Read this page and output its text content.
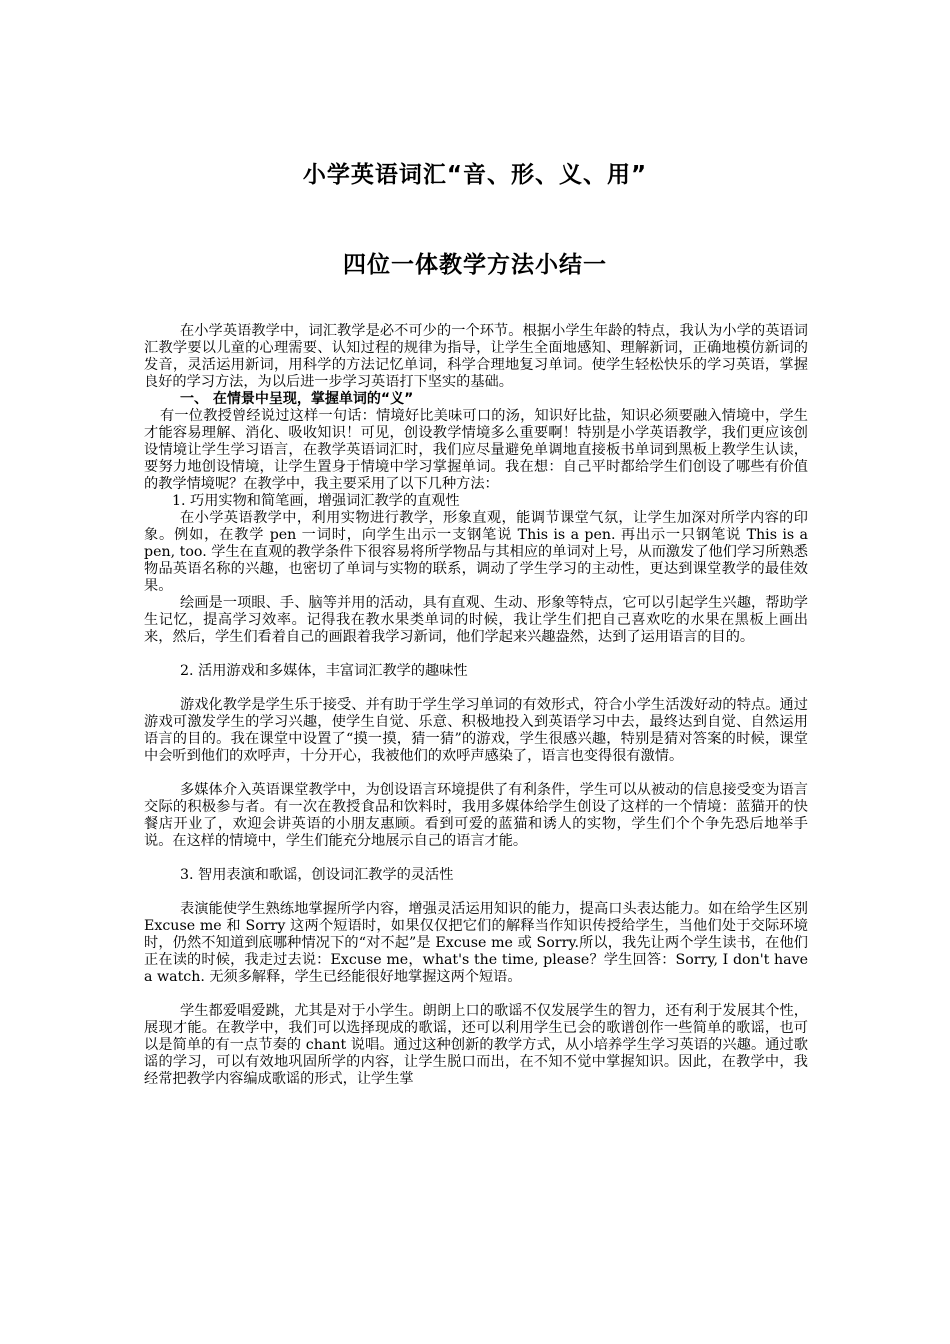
小学英语词汇“音、形、义、用”
四位一体教学方法小结一

在小学英语教学中，词汇教学是必不可少的一个环节。根据小学生年龄的特点，我认为小学的英语词汇教学要以儿童的心理需要、认知过程的规律为指导，让学生全面地感知、理解新词，正确地模仿新词的发音，灵活运用新词，用科学的方法记忆单词，科学合理地复习单词。使学生轻松快乐的学习英语，掌握良好的学习方法，为以后进一步学习英语打下坚实的基础。

一、 在情景中呈现，掌握单词的“义”

有一位教授曾经说过这样一句话：情境好比美味可口的汤，知识好比盐，知识必须要融入情境中，学生才能容易理解、消化、吸收知识！可见，创设教学情境多么重要啊！特别是小学英语教学，我们更应该创设情境让学生学习语言，在教学英语词汇时，我们应尽量避免单调地直接板书单词到黑板上教学生认读，要努力地创设情境，让学生置身于情境中学习掌握单词。我在想：自己平时都给学生们创设了哪些有价值的教学情境呢？在教学中，我主要采用了以下几种方法：

1. 巧用实物和简笔画，增强词汇教学的直观性

在小学英语教学中，利用实物进行教学，形象直观，能调节课堂气氛，让学生加深对所学内容的印象。例如，在教学 pen 一词时，向学生出示一支钢笔说 This is a pen. 再出示一只钢笔说 This is a pen, too. 学生在直观的教学条件下很容易将所学物品与其相应的单词对上号，从而激发了他们学习所熟悉物品英语名称的兴趣，也密切了单词与实物的联系，调动了学生学习的主动性，更达到课堂教学的最佳效果。

绘画是一项眼、手、脑等并用的活动，具有直观、生动、形象等特点，它可以引起学生兴趣，帮助学生记忆，提高学习效率。记得我在教水果类单词的时候，我让学生们把自己喜欢吃的水果在黑板上画出来，然后，学生们看着自己的画跟着我学习新词，他们学起来兴趣盎然，达到了运用语言的目的。

2. 活用游戏和多媒体，丰富词汇教学的趣味性

游戏化教学是学生乐于接受、并有助于学生学习单词的有效形式，符合小学生活泼好动的特点。通过游戏可激发学生的学习兴趣，使学生自觉、乐意、积极地投入到英语学习中去，最终达到自觉、自然运用语言的目的。我在课堂中设置了“摸一摸，猜一猜”的游戏，学生很感兴趣，特别是猜对答案的时候，课堂中会听到他们的欢呼声，十分开心，我被他们的欢呼声感染了，语言也变得很有激情。

多媒体介入英语课堂教学中，为创设语言环境提供了有利条件，学生可以从被动的信息接受变为语言交际的积极参与者。有一次在教授食品和饮料时，我用多媒体给学生创设了这样的一个情境：蓝猫开的快餐店开业了，欢迎会讲英语的小朋友惠顾。看到可爱的蓝猫和诱人的实物，学生们个个争先恐后地举手说。在这样的情境中，学生们能充分地展示自己的语言才能。

3. 智用表演和歌谣，创设词汇教学的灵活性

表演能使学生熟练地掌握所学内容，增强灵活运用知识的能力，提高口头表达能力。如在给学生区别 Excuse me 和 Sorry 这两个短语时，如果仅仅把它们的解释当作知识传授给学生，当他们处于交际环境时，仍然不知道到底哪种情况下的“对不起”是 Excuse me 或 Sorry.所以，我先让两个学生读书，在他们正在读的时候，我走过去说：Excuse me，what's the time, please？学生回答：Sorry, I don't have a watch. 无须多解释，学生已经能很好地掌握这两个短语。

学生都爱唱爱跳，尤其是对于小学生。朗朗上口的歌谣不仅发展学生的智力，还有利于发展其个性，展现才能。在教学中，我们可以选择现成的歌谣，还可以利用学生已会的歌谱创作一些简单的歌谣，也可以是简单的有一点节奏的 chant 说唱。通过这种创新的教学方式，从小培养学生学习英语的兴趣。通过歌谣的学习，可以有效地巩固所学的内容，让学生脱口而出，在不知不觉中掌握知识。因此，在教学中，我经常把教学内容编成歌谣的形式，让学生掌
